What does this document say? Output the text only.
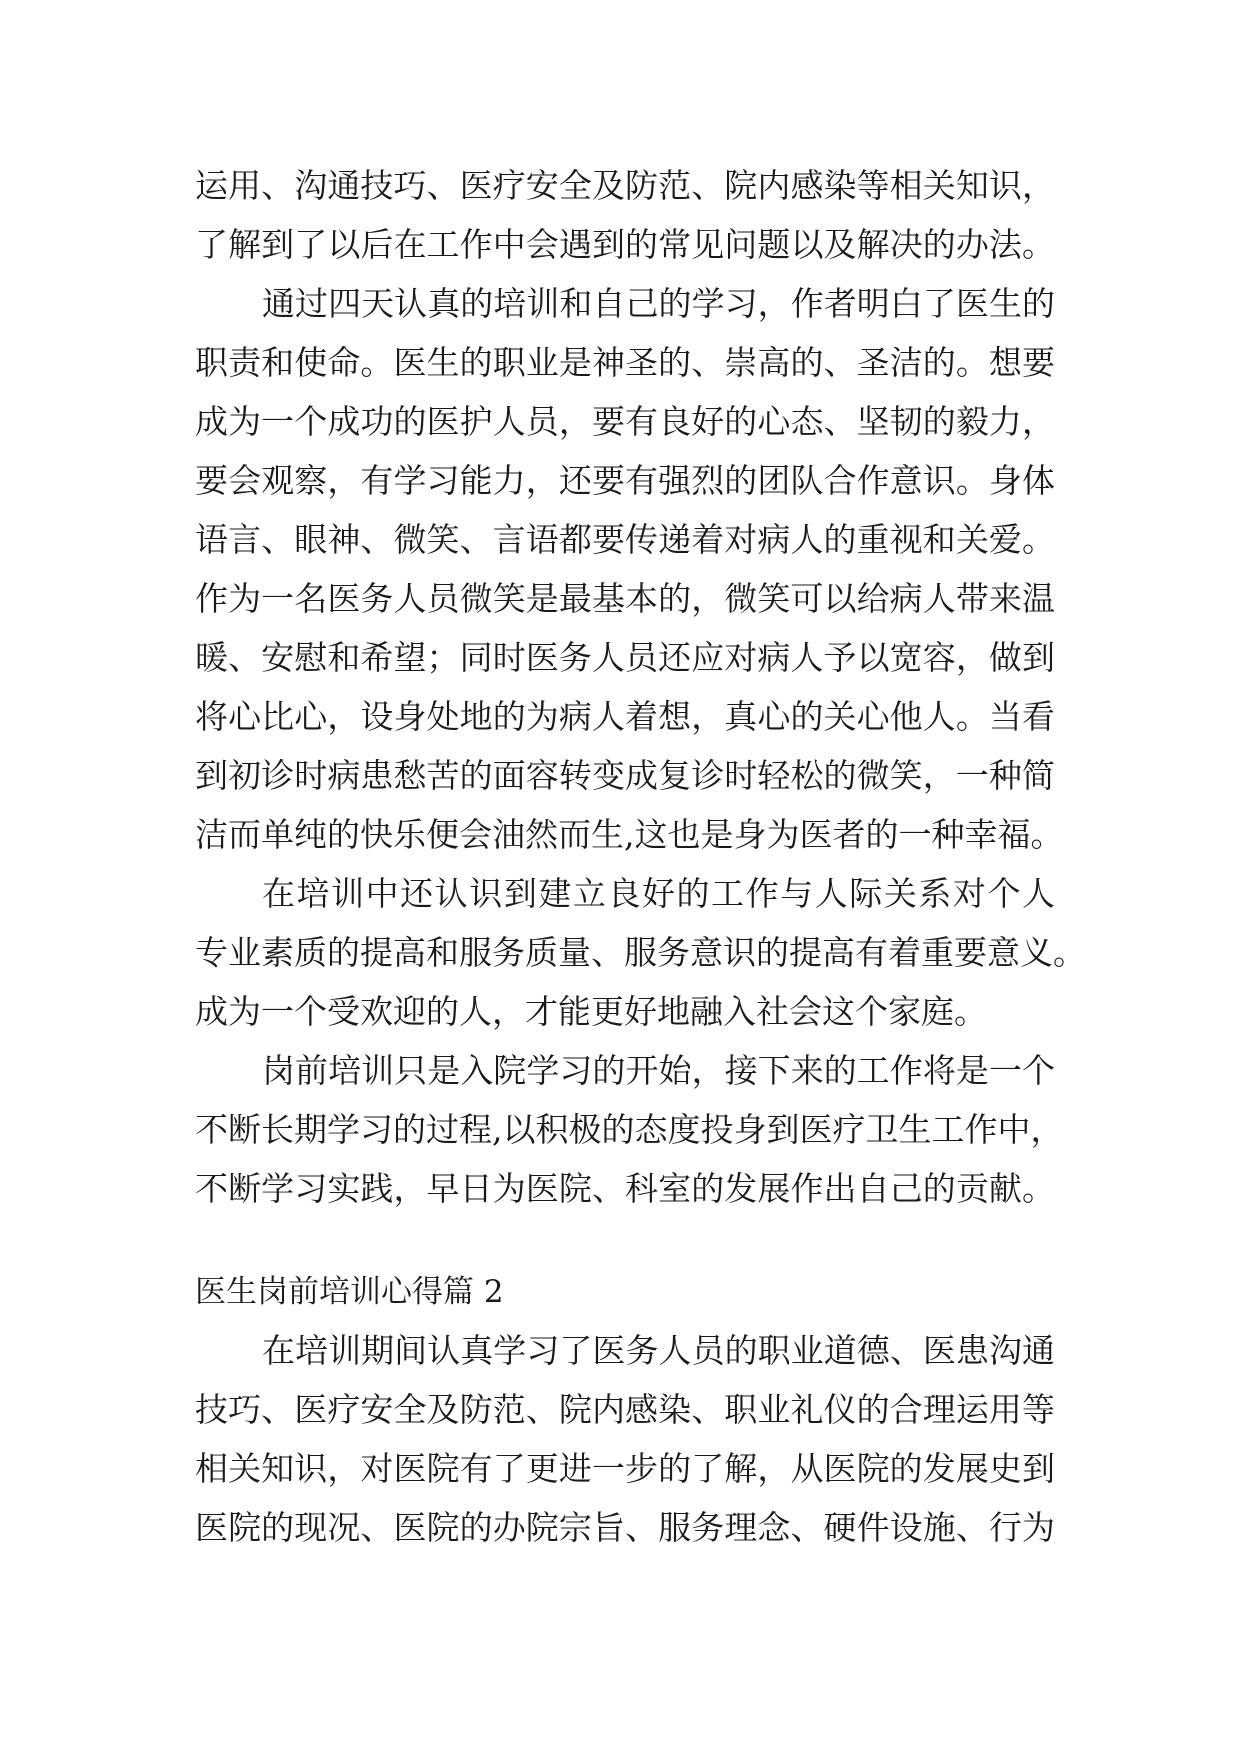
运用、沟通技巧、医疗安全及防范、院内感染等相关知识，
了解到了以后在工作中会遇到的常见问题以及解决的办法。
通过四天认真的培训和自己的学习，作者明白了医生的
职责和使命。医生的职业是神圣的、崇高的、圣洁的。想要
成为一个成功的医护人员，要有良好的心态、坚韧的毅力，
要会观察，有学习能力，还要有强烈的团队合作意识。身体
语言、眼神、微笑、言语都要传递着对病人的重视和关爱。
作为一名医务人员微笑是最基本的，微笑可以给病人带来温
暖、安慰和希望；同时医务人员还应对病人予以宽容，做到
将心比心，设身处地的为病人着想，真心的关心他人。当看
到初诊时病患愁苦的面容转变成复诊时轻松的微笑，一种简
洁而单纯的快乐便会油然而生,这也是身为医者的一种幸福。
在培训中还认识到建立良好的工作与人际关系对个人
专业素质的提高和服务质量、服务意识的提高有着重要意义。
成为一个受欢迎的人，才能更好地融入社会这个家庭。
岗前培训只是入院学习的开始，接下来的工作将是一个
不断长期学习的过程,以积极的态度投身到医疗卫生工作中，
不断学习实践，早日为医院、科室的发展作出自己的贡献。
医生岗前培训心得篇 2
在培训期间认真学习了医务人员的职业道德、医患沟通
技巧、医疗安全及防范、院内感染、职业礼仪的合理运用等
相关知识，对医院有了更进一步的了解，从医院的发展史到
医院的现况、医院的办院宗旨、服务理念、硬件设施、行为
